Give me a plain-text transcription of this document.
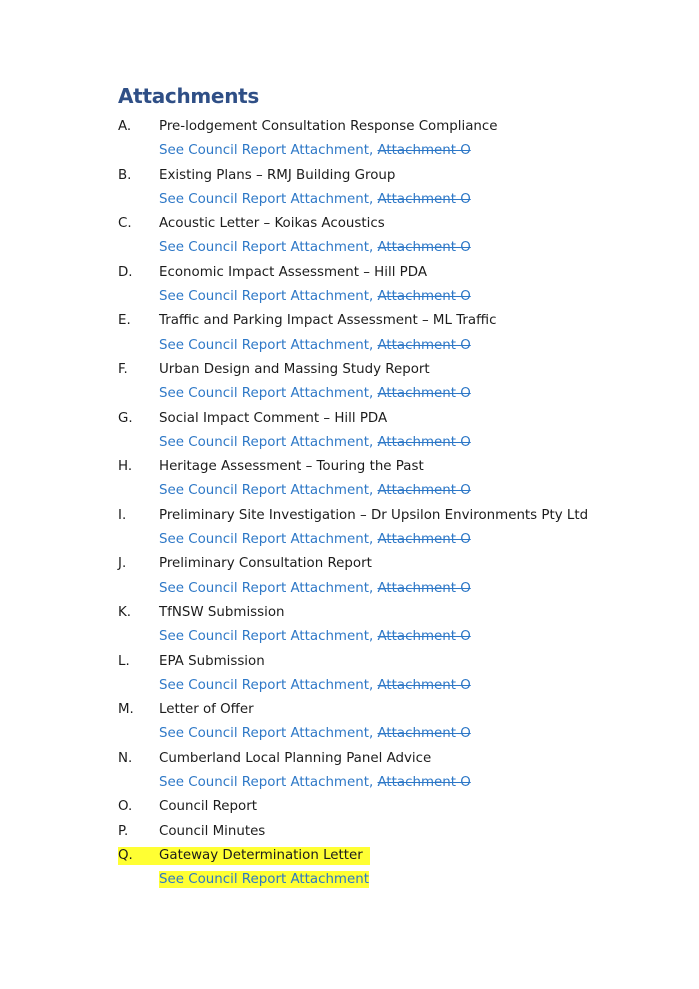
Attachments
A. Pre-lodgement Consultation Response Compliance
See Council Report Attachment, Attachment O
B. Existing Plans – RMJ Building Group
See Council Report Attachment, Attachment O
C. Acoustic Letter – Koikas Acoustics
See Council Report Attachment, Attachment O
D. Economic Impact Assessment – Hill PDA
See Council Report Attachment, Attachment O
E. Traffic and Parking Impact Assessment – ML Traffic
See Council Report Attachment, Attachment O
F. Urban Design and Massing Study Report
See Council Report Attachment, Attachment O
G. Social Impact Comment – Hill PDA
See Council Report Attachment, Attachment O
H. Heritage Assessment – Touring the Past
See Council Report Attachment, Attachment O
I. Preliminary Site Investigation – Dr Upsilon Environments Pty Ltd
See Council Report Attachment, Attachment O
J. Preliminary Consultation Report
See Council Report Attachment, Attachment O
K. TfNSW Submission
See Council Report Attachment, Attachment O
L. EPA Submission
See Council Report Attachment, Attachment O
M. Letter of Offer
See Council Report Attachment, Attachment O
N. Cumberland Local Planning Panel Advice
See Council Report Attachment, Attachment O
O. Council Report
P. Council Minutes
Q. Gateway Determination Letter
See Council Report Attachment
